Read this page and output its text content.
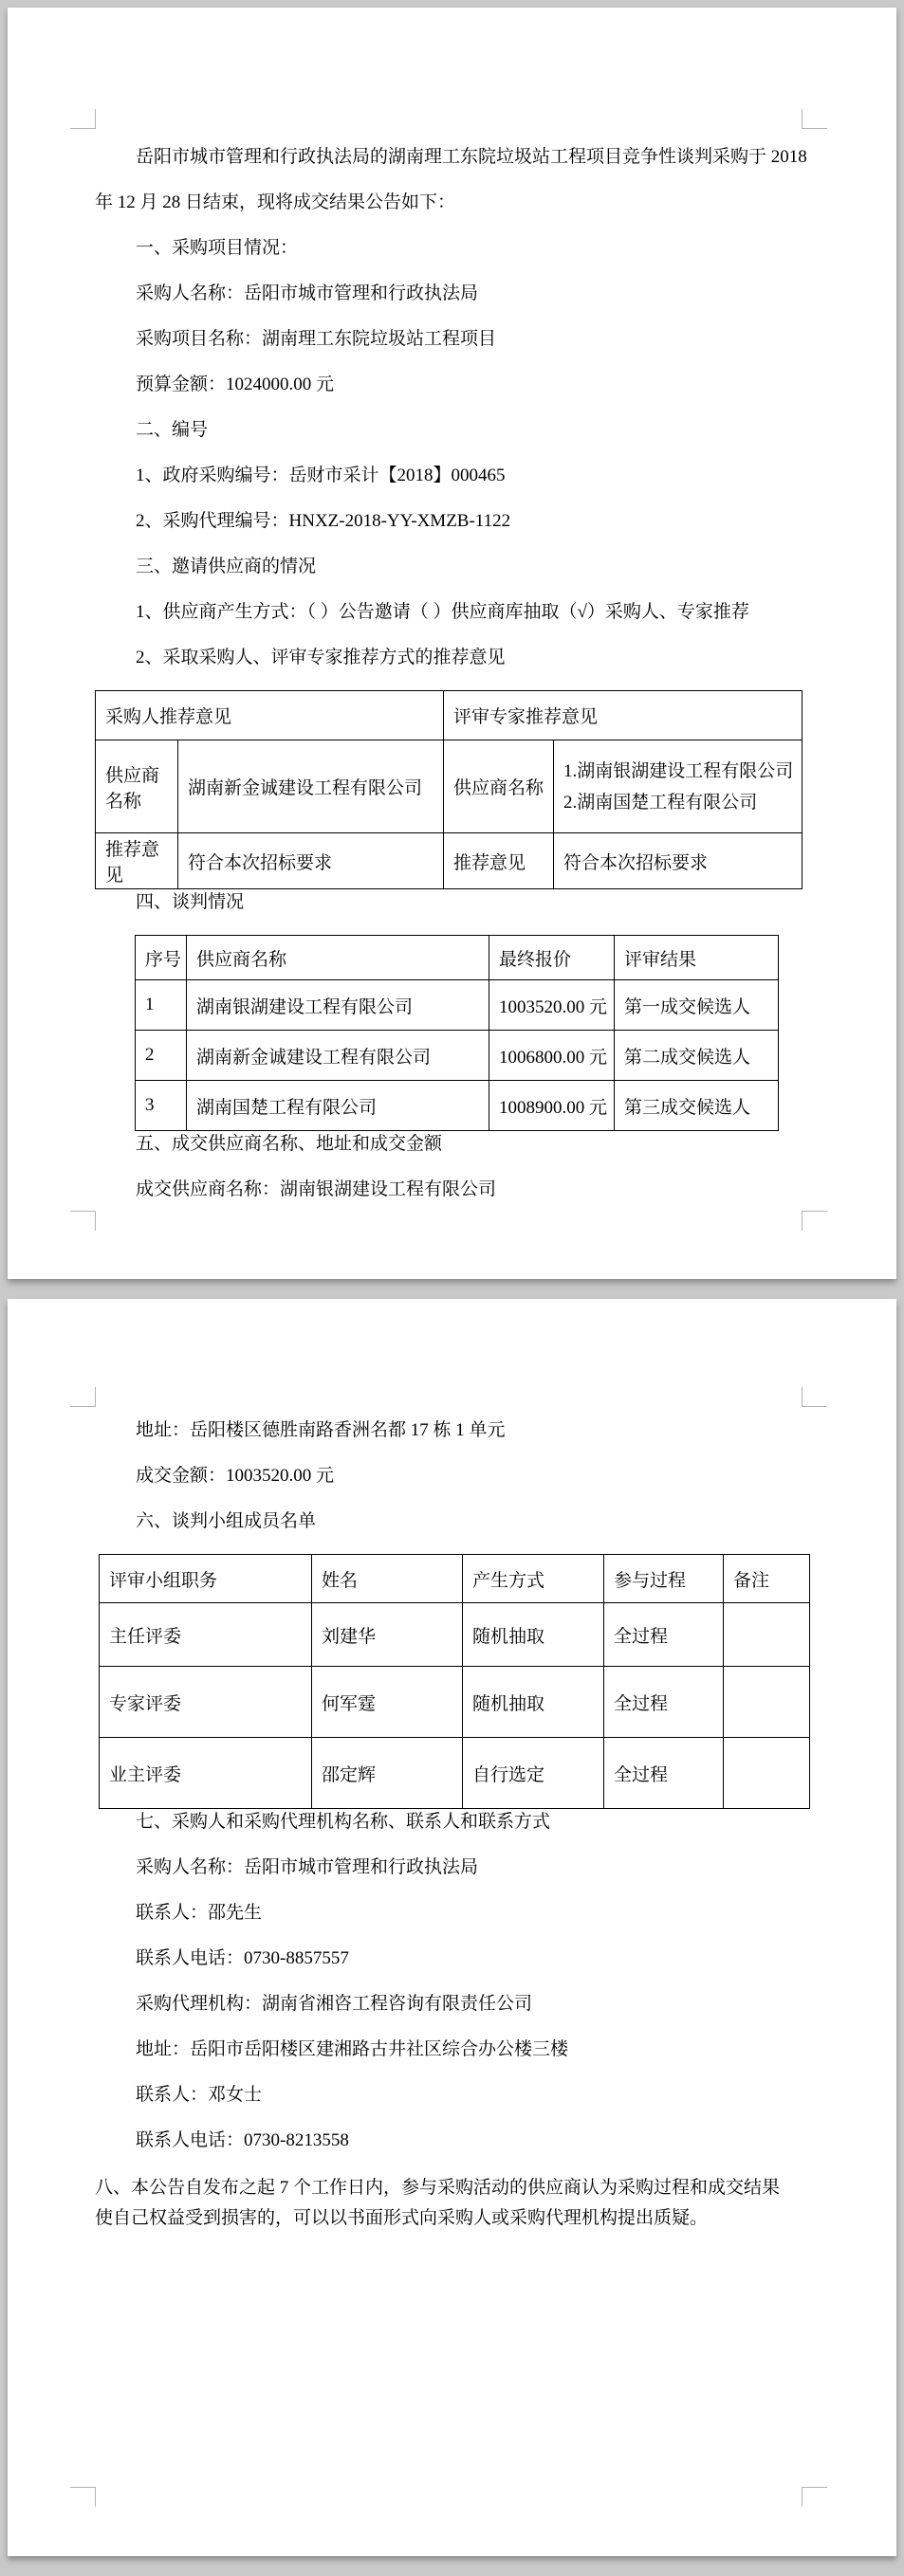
岳阳市城市管理和行政执法局的湖南理工东院垃圾站工程项目竞争性谈判采购于 2018

年 12 月 28 日结束，现将成交结果公告如下：

一、采购项目情况：

采购人名称：岳阳市城市管理和行政执法局

采购项目名称：湖南理工东院垃圾站工程项目

预算金额：1024000.00 元

二、编号

1、政府采购编号：岳财市采计【2018】000465

2、采购代理编号：HNXZ-2018-YY-XMZB-1122

三、邀请供应商的情况

1、供应商产生方式：（ ）公告邀请（ ）供应商库抽取（√）采购人、专家推荐

2、采取采购人、评审专家推荐方式的推荐意见

采购人推荐意见		评审专家推荐意见	
供应商名称	湖南新金诚建设工程有限公司	供应商名称	1.湖南银湖建设工程有限公司
2.湖南国楚工程有限公司

推荐意见	符合本次招标要求	推荐意见	符合本次招标要求

四、谈判情况

序号	供应商名称	最终报价	评审结果
1	湖南银湖建设工程有限公司	1003520.00 元	第一成交候选人
2	湖南新金诚建设工程有限公司	1006800.00 元	第二成交候选人
3	湖南国楚工程有限公司	1008900.00 元	第三成交候选人

五、成交供应商名称、地址和成交金额

成交供应商名称：湖南银湖建设工程有限公司

地址：岳阳楼区德胜南路香洲名都 17 栋 1 单元

成交金额：1003520.00 元

六、谈判小组成员名单

评审小组职务	姓名	产生方式	参与过程	备注
主任评委	刘建华	随机抽取	全过程	
专家评委	何军霆	随机抽取	全过程	
业主评委	邵定辉	自行选定	全过程	

七、采购人和采购代理机构名称、联系人和联系方式

采购人名称：岳阳市城市管理和行政执法局

联系人：邵先生

联系人电话：0730-8857557

采购代理机构：湖南省湘咨工程咨询有限责任公司

地址：岳阳市岳阳楼区建湘路古井社区综合办公楼三楼

联系人：邓女士

联系人电话：0730-8213558

八、本公告自发布之起 7 个工作日内，参与采购活动的供应商认为采购过程和成交结果

使自己权益受到损害的，可以以书面形式向采购人或采购代理机构提出质疑。
